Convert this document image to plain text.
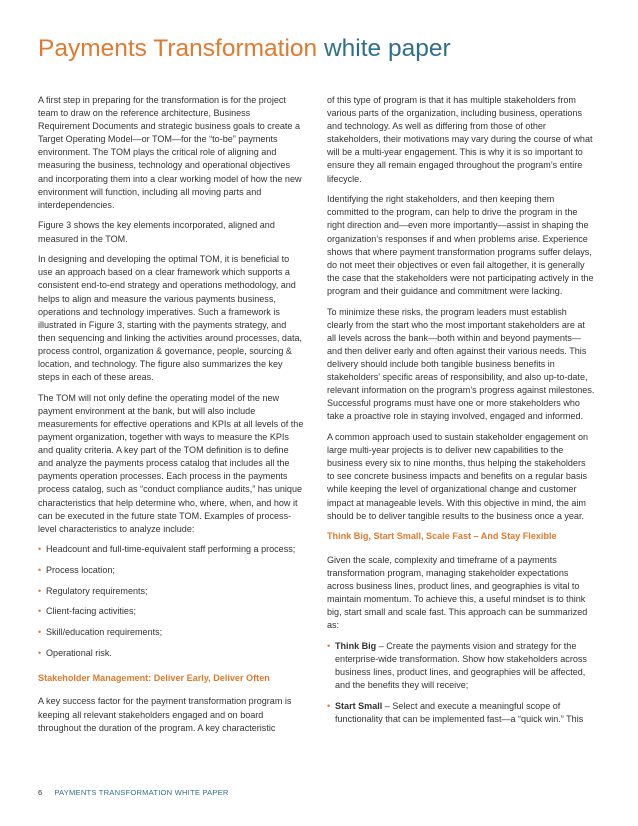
Payments Transformation white paper

A first step in preparing for the transformation is for the project team to draw on the reference architecture, Business Requirement Documents and strategic business goals to create a Target Operating Model—or TOM—for the “to-be” payments environment. The TOM plays the critical role of aligning and measuring the business, technology and operational objectives and incorporating them into a clear working model of how the new environment will function, including all moving parts and interdependencies.

Figure 3 shows the key elements incorporated, aligned and measured in the TOM.

In designing and developing the optimal TOM, it is beneficial to use an approach based on a clear framework which supports a consistent end-to-end strategy and operations methodology, and helps to align and measure the various payments business, operations and technology imperatives. Such a framework is illustrated in Figure 3, starting with the payments strategy, and then sequencing and linking the activities around processes, data, process control, organization & governance, people, sourcing & location, and technology. The figure also summarizes the key steps in each of these areas.

The TOM will not only define the operating model of the new payment environment at the bank, but will also include measurements for effective operations and KPIs at all levels of the payment organization, together with ways to measure the KPIs and quality criteria. A key part of the TOM definition is to define and analyze the payments process catalog that includes all the payments operation processes. Each process in the payments process catalog, such as “conduct compliance audits,” has unique characteristics that help determine who, where, when, and how it can be executed in the future state TOM. Examples of process-level characteristics to analyze include:

• Headcount and full-time-equivalent staff performing a process;
• Process location;
• Regulatory requirements;
• Client-facing activities;
• Skill/education requirements;
• Operational risk.
Stakeholder Management: Deliver Early, Deliver Often

A key success factor for the payment transformation program is keeping all relevant stakeholders engaged and on board throughout the duration of the program. A key characteristic

of this type of program is that it has multiple stakeholders from various parts of the organization, including business, operations and technology. As well as differing from those of other stakeholders, their motivations may vary during the course of what will be a multi-year engagement. This is why it is so important to ensure they all remain engaged throughout the program’s entire lifecycle.

Identifying the right stakeholders, and then keeping them committed to the program, can help to drive the program in the right direction and—even more importantly—assist in shaping the organization’s responses if and when problems arise. Experience shows that where payment transformation programs suffer delays, do not meet their objectives or even fail altogether, it is generally the case that the stakeholders were not participating actively in the program and their guidance and commitment were lacking.

To minimize these risks, the program leaders must establish clearly from the start who the most important stakeholders are at all levels across the bank—both within and beyond payments—and then deliver early and often against their various needs. This delivery should include both tangible business benefits in stakeholders’ specific areas of responsibility, and also up-to-date, relevant information on the program’s progress against milestones. Successful programs must have one or more stakeholders who take a proactive role in staying involved, engaged and informed.

A common approach used to sustain stakeholder engagement on large multi-year projects is to deliver new capabilities to the business every six to nine months, thus helping the stakeholders to see concrete business impacts and benefits on a regular basis while keeping the level of organizational change and customer impact at manageable levels. With this objective in mind, the aim should be to deliver tangible results to the business once a year.

Think Big, Start Small, Scale Fast – And Stay Flexible

Given the scale, complexity and timeframe of a payments transformation program, managing stakeholder expectations across business lines, product lines, and geographies is vital to maintain momentum. To achieve this, a useful mindset is to think big, start small and scale fast. This approach can be summarized as:

• Think Big – Create the payments vision and strategy for the enterprise-wide transformation. Show how stakeholders across business lines, product lines, and geographies will be affected, and the benefits they will receive;
• Start Small – Select and execute a meaningful scope of functionality that can be implemented fast—a “quick win.” This
6 PAYMENTS TRANSFORMATION WHITE PAPER
